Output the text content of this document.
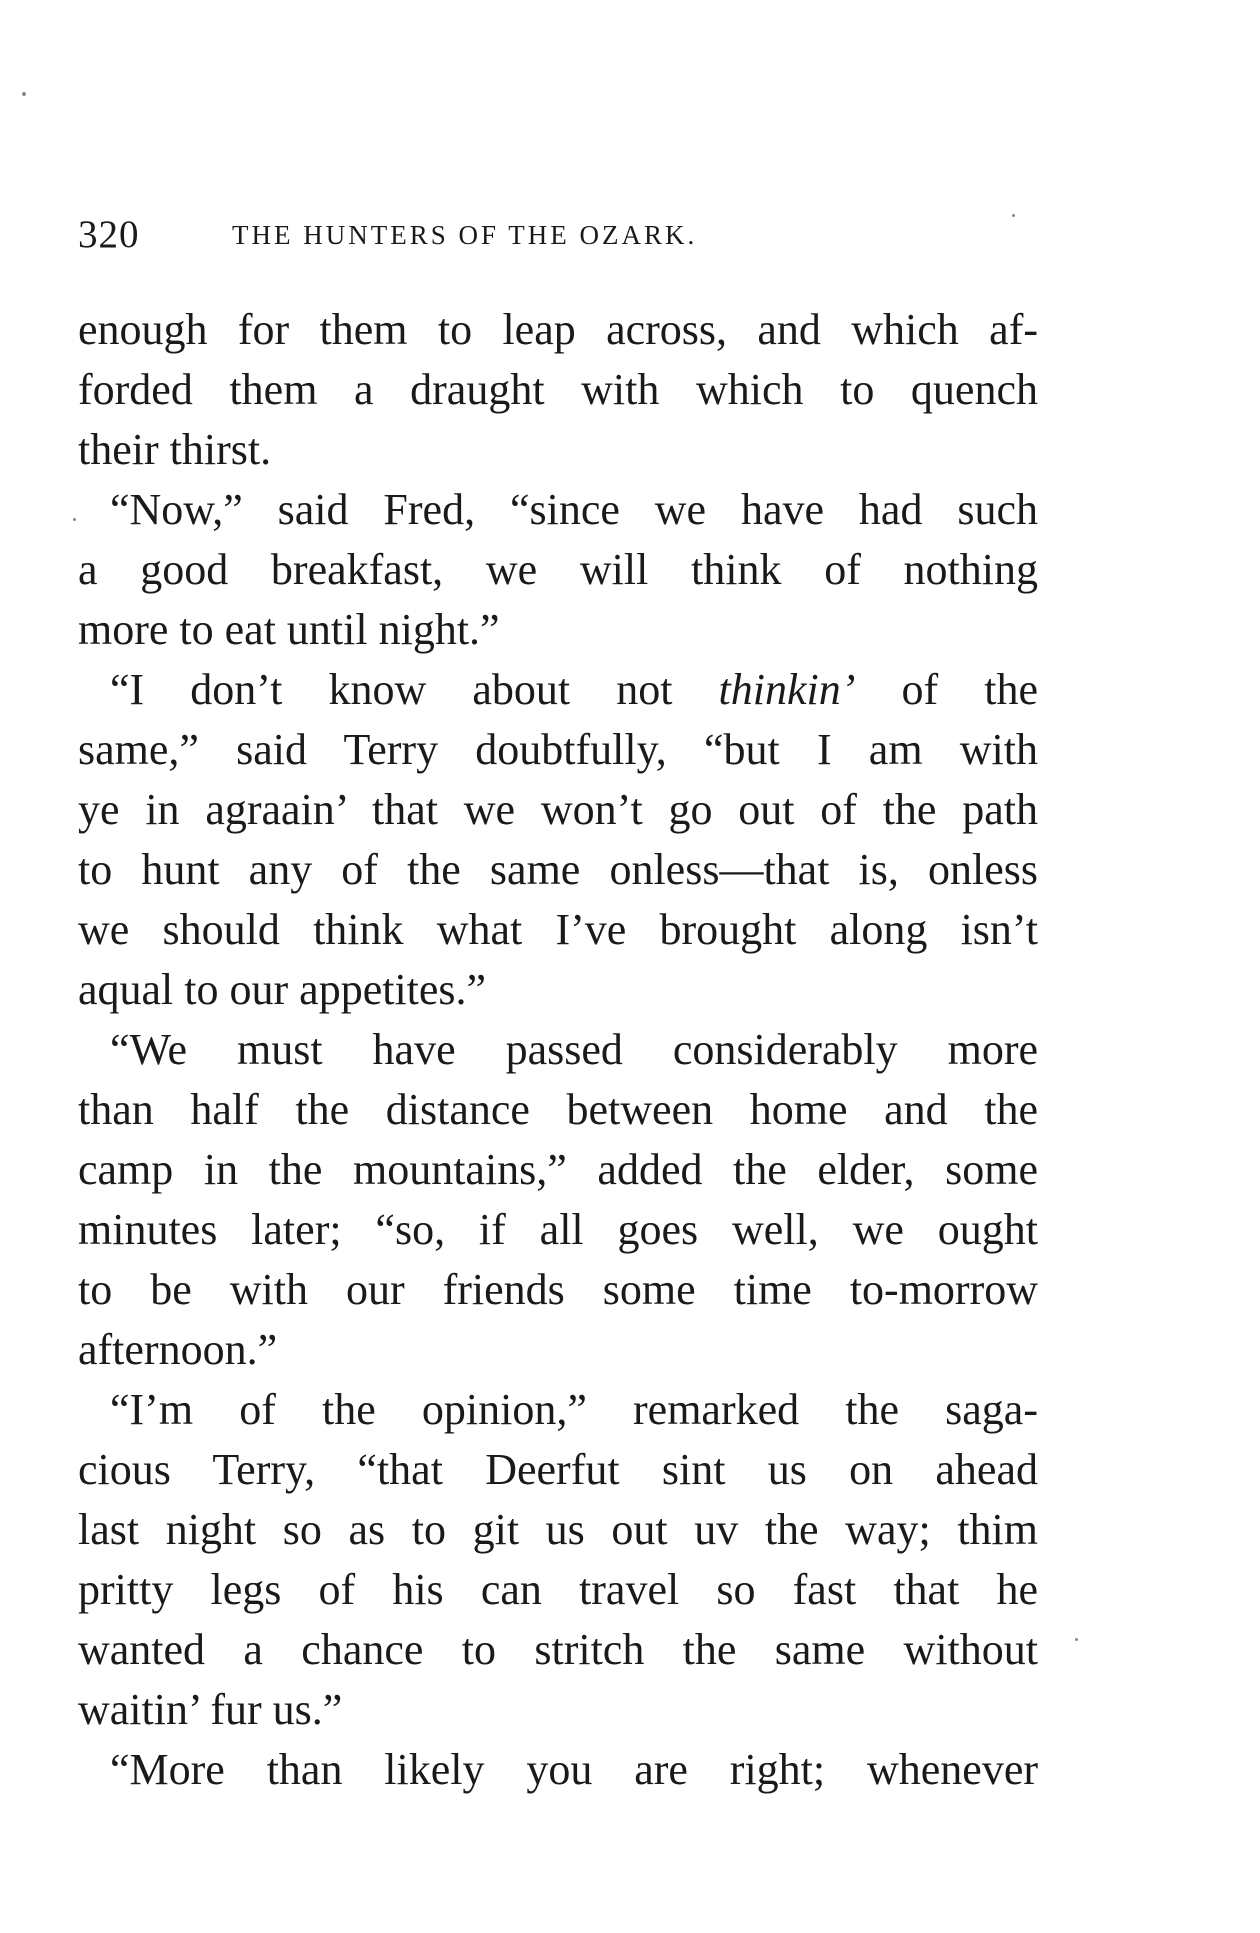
320	THE HUNTERS OF THE OZARK.
enough for them to leap across, and which af-
forded them a draught with which to quench
their thirst.
“Now,” said Fred, “since we have had such
a good breakfast, we will think of nothing
more to eat until night.”
“I don’t know about not thinkin’ of the
same,” said Terry doubtfully, “but I am with
ye in agraain’ that we won’t go out of the path
to hunt any of the same onless—that is, onless
we should think what I’ve brought along isn’t
aqual to our appetites.”
“We must have passed considerably more
than half the distance between home and the
camp in the mountains,” added the elder, some
minutes later; “so, if all goes well, we ought
to be with our friends some time to-morrow
afternoon.”
“I’m of the opinion,” remarked the saga-
cious Terry, “that Deerfut sint us on ahead
last night so as to git us out uv the way; thim
pritty legs of his can travel so fast that he
wanted a chance to stritch the same without
waitin’ fur us.”
“More than likely you are right; whenever
